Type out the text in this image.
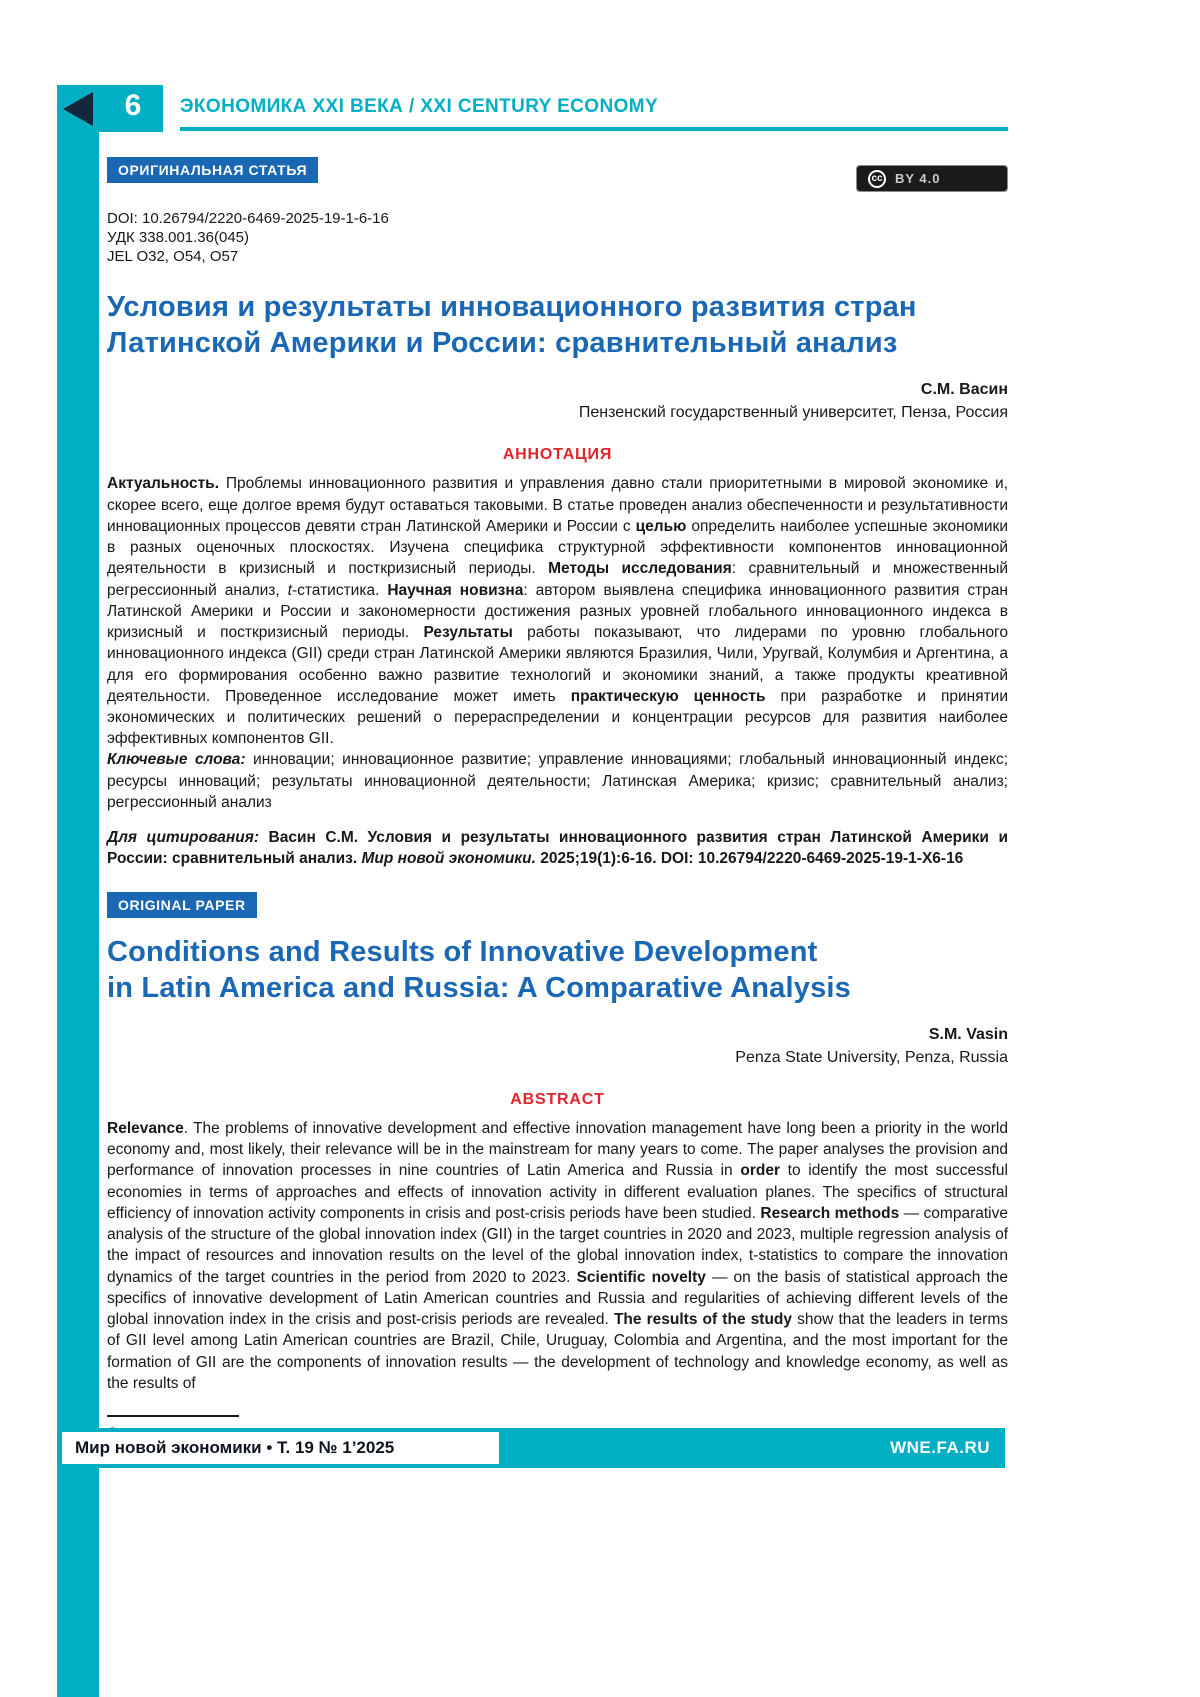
6	ЭКОНОМИКА XXI ВЕКА / XXI CENTURY ECONOMY
ОРИГИНАЛЬНАЯ СТАТЬЯ
cc BY 4.0
DOI: 10.26794/2220-6469-2025-19-1-6-16
УДК 338.001.36(045)
JEL O32, O54, O57
Условия и результаты инновационного развития стран
Латинской Америки и России: сравнительный анализ
С.М. Васин
Пензенский государственный университет, Пенза, Россия
АННОТАЦИЯ

Актуальность. Проблемы инновационного развития и управления давно стали приоритетными в мировой экономике и, скорее всего, еще долгое время будут оставаться таковыми. В статье проведен анализ обеспеченности и результативности инновационных процессов девяти стран Латинской Америки и России с целью определить наиболее успешные экономики в разных оценочных плоскостях. Изучена специфика структурной эффективности компонентов инновационной деятельности в кризисный и посткризисный периоды. Методы исследования: сравнительный и множественный регрессионный анализ, t-статистика. Научная новизна: автором выявлена специфика инновационного развития стран Латинской Америки и России и закономерности достижения разных уровней глобального инновационного индекса в кризисный и посткризисный периоды. Результаты работы показывают, что лидерами по уровню глобального инновационного индекса (GII) среди стран Латинской Америки являются Бразилия, Чили, Уругвай, Колумбия и Аргентина, а для его формирования особенно важно развитие технологий и экономики знаний, а также продукты креативной деятельности. Проведенное исследование может иметь практическую ценность при разработке и принятии экономических и политических решений о перераспределении и концентрации ресурсов для развития наиболее эффективных компонентов GII.

Ключевые слова: инновации; инновационное развитие; управление инновациями; глобальный инновационный индекс; ресурсы инноваций; результаты инновационной деятельности; Латинская Америка; кризис; сравнительный анализ; регрессионный анализ

Для цитирования: Васин С.М. Условия и результаты инновационного развития стран Латинской Америки и России: сравнительный анализ. Мир новой экономики. 2025;19(1):6-16. DOI: 10.26794/2220-6469-2025-19-1-X6-16
ORIGINAL PAPER
Conditions and Results of Innovative Development
in Latin America and Russia: A Comparative Analysis
S.M. Vasin
Penza State University, Penza, Russia
ABSTRACT

Relevance. The problems of innovative development and effective innovation management have long been a priority in the world economy and, most likely, their relevance will be in the mainstream for many years to come. The paper analyses the provision and performance of innovation processes in nine countries of Latin America and Russia in order to identify the most successful economies in terms of approaches and effects of innovation activity in different evaluation planes. The specifics of structural efficiency of innovation activity components in crisis and post-crisis periods have been studied. Research methods — comparative analysis of the structure of the global innovation index (GII) in the target countries in 2020 and 2023, multiple regression analysis of the impact of resources and innovation results on the level of the global innovation index, t-statistics to compare the innovation dynamics of the target countries in the period from 2020 to 2023. Scientific novelty — on the basis of statistical approach the specifics of innovative development of Latin American countries and Russia and regularities of achieving different levels of the global innovation index in the crisis and post-crisis periods are revealed. The results of the study show that the leaders in terms of GII level among Latin American countries are Brazil, Chile, Uruguay, Colombia and Argentina, and the most important for the formation of GII are the components of innovation results — the development of technology and knowledge economy, as well as the results of

Мир новой экономики • Т. 19 № 1’2025	WNE.FA.RU
